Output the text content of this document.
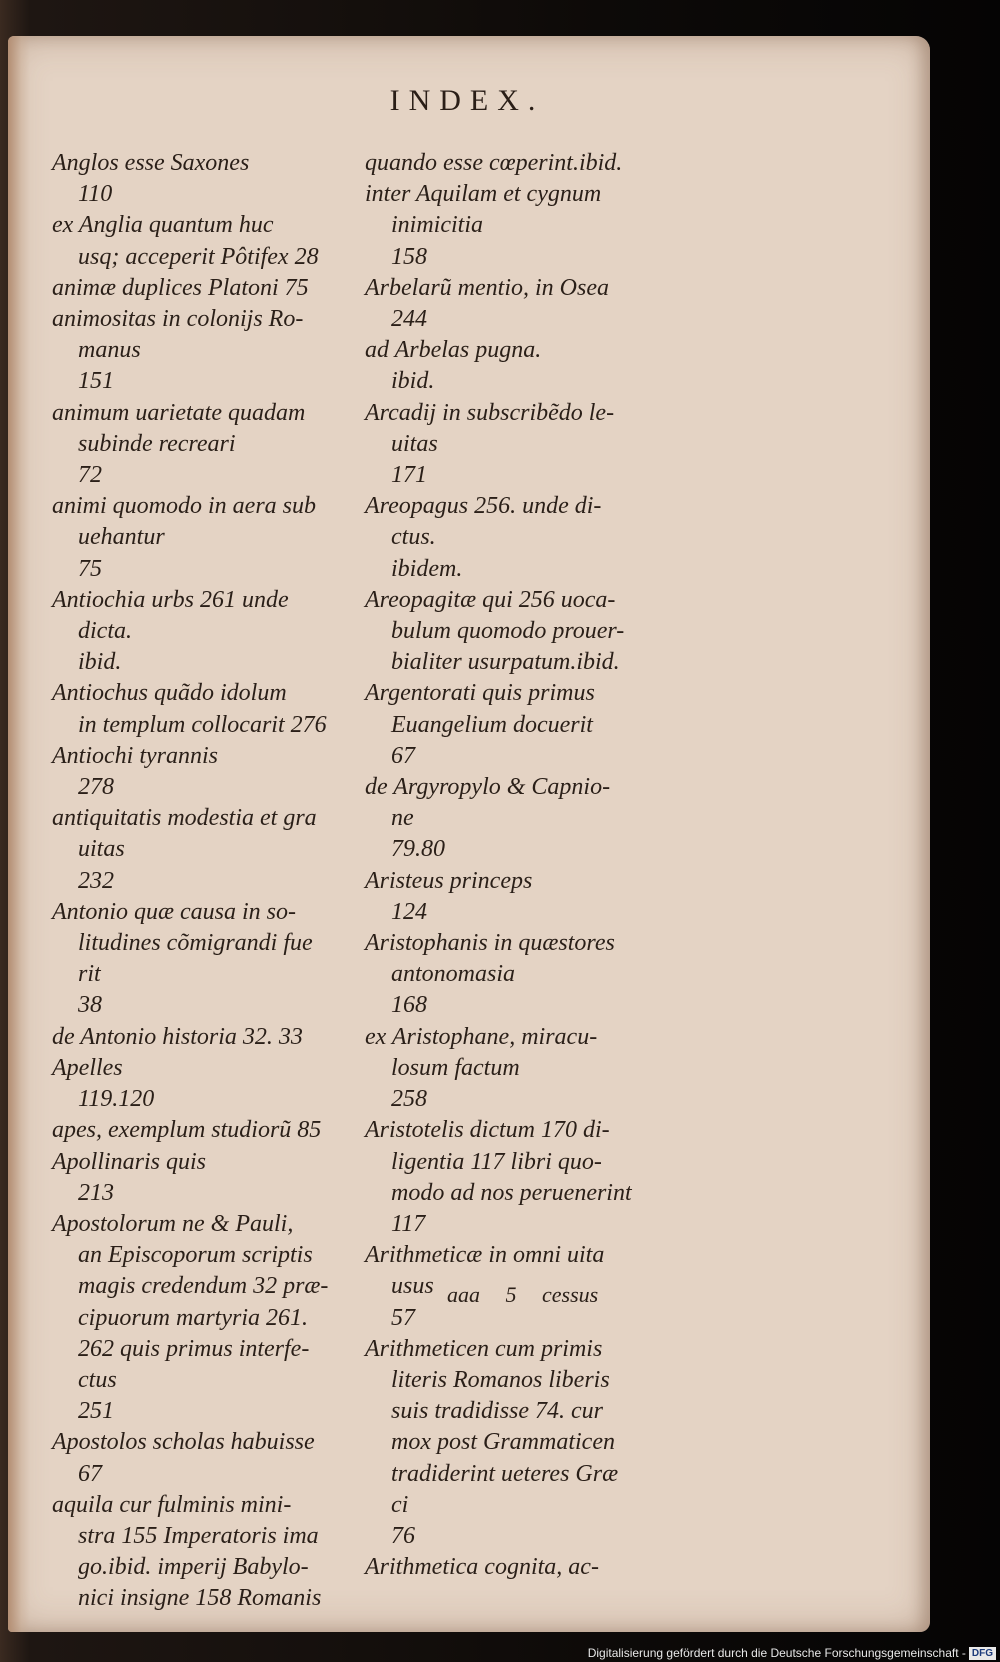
INDEX.
Anglos esse Saxones
110
ex Anglia quantum huc
usq; acceperit Pôtifex 28
animæ duplices Platoni 75
animositas in colonijs Ro-
manus
151
animum uarietate quadam
subinde recreari
72
animi quomodo in aera sub
uehantur
75
Antiochia urbs 261 unde
dicta.
ibid.
Antiochus quãdo idolum
in templum collocarit 276
Antiochi tyrannis
278
antiquitatis modestia et gra
uitas
232
Antonio quæ causa in so-
litudines cõmigrandi fue
rit
38
de Antonio historia 32. 33
Apelles
119.120
apes, exemplum studiorũ 85
Apollinaris quis
213
Apostolorum ne & Pauli,
an Episcoporum scriptis
magis credendum 32 præ-
cipuorum martyria 261.
262 quis primus interfe-
ctus
251
Apostolos scholas habuisse
67
aquila cur fulminis mini-
stra 155 Imperatoris ima
go.ibid. imperij Babylo-
nici insigne 158 Romanis
quando esse cœperint.ibid.
inter Aquilam et cygnum
inimicitia
158
Arbelarũ mentio, in Osea
244
ad Arbelas pugna.
ibid.
Arcadij in subscribẽdo le-
uitas
171
Areopagus 256. unde di-
ctus.
ibidem.
Areopagitæ qui 256 uoca-
bulum quomodo prouer-
bialiter usurpatum.ibid.
Argentorati quis primus
Euangelium docuerit
67
de Argyropylo & Capnio-
ne
79.80
Aristeus princeps
124
Aristophanis in quæstores
antonomasia
168
ex Aristophane, miracu-
losum factum
258
Aristotelis dictum 170 di-
ligentia 117 libri quo-
modo ad nos peruenerint
117
Arithmeticæ in omni uita
usus
57
Arithmeticen cum primis
literis Romanos liberis
suis tradidisse 74. cur
mox post Grammaticen
tradiderint ueteres Græ
ci
76
Arithmetica cognita, ac-
aaa 5 cessus
Digitalisierung gefördert durch die Deutsche Forschungsgemeinschaft - DFG
